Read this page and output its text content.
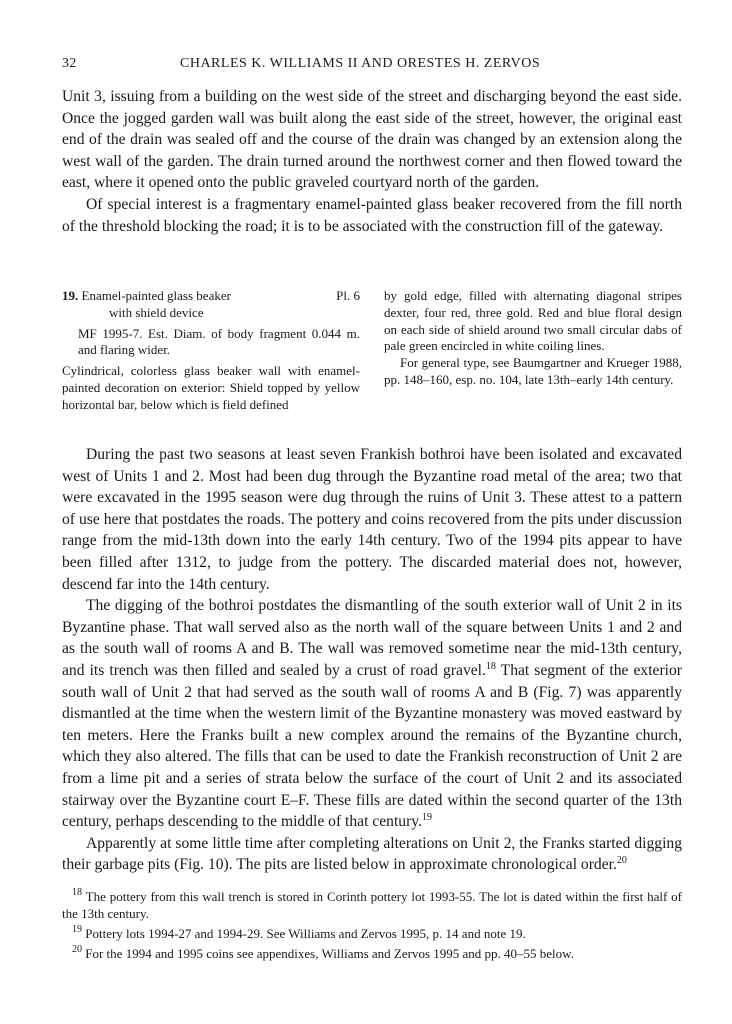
32	CHARLES K. WILLIAMS II AND ORESTES H. ZERVOS

Unit 3, issuing from a building on the west side of the street and discharging beyond the east side. Once the jogged garden wall was built along the east side of the street, however, the original east end of the drain was sealed off and the course of the drain was changed by an extension along the west wall of the garden. The drain turned around the northwest corner and then flowed toward the east, where it opened onto the public graveled courtyard north of the garden.

Of special interest is a fragmentary enamel-painted glass beaker recovered from the fill north of the threshold blocking the road; it is to be associated with the construction fill of the gateway.

19. Enamel-painted glass beaker	Pl. 6
with shield device
MF 1995-7. Est. Diam. of body fragment 0.044 m. and flaring wider.
Cylindrical, colorless glass beaker wall with enamel-painted decoration on exterior: Shield topped by yellow horizontal bar, below which is field defined

by gold edge, filled with alternating diagonal stripes dexter, four red, three gold. Red and blue floral design on each side of shield around two small circular dabs of pale green encircled in white coiling lines.

For general type, see Baumgartner and Krueger 1988, pp. 148–160, esp. no. 104, late 13th–early 14th century.

During the past two seasons at least seven Frankish bothroi have been isolated and excavated west of Units 1 and 2. Most had been dug through the Byzantine road metal of the area; two that were excavated in the 1995 season were dug through the ruins of Unit 3. These attest to a pattern of use here that postdates the roads. The pottery and coins recovered from the pits under discussion range from the mid-13th down into the early 14th century. Two of the 1994 pits appear to have been filled after 1312, to judge from the pottery. The discarded material does not, however, descend far into the 14th century.

The digging of the bothroi postdates the dismantling of the south exterior wall of Unit 2 in its Byzantine phase. That wall served also as the north wall of the square between Units 1 and 2 and as the south wall of rooms A and B. The wall was removed sometime near the mid-13th century, and its trench was then filled and sealed by a crust of road gravel.$^{18}$ That segment of the exterior south wall of Unit 2 that had served as the south wall of rooms A and B (Fig. 7) was apparently dismantled at the time when the western limit of the Byzantine monastery was moved eastward by ten meters. Here the Franks built a new complex around the remains of the Byzantine church, which they also altered. The fills that can be used to date the Frankish reconstruction of Unit 2 are from a lime pit and a series of strata below the surface of the court of Unit 2 and its associated stairway over the Byzantine court E–F. These fills are dated within the second quarter of the 13th century, perhaps descending to the middle of that century.$^{19}$

Apparently at some little time after completing alterations on Unit 2, the Franks started digging their garbage pits (Fig. 10). The pits are listed below in approximate chronological order.$^{20}$

$^{18}$ The pottery from this wall trench is stored in Corinth pottery lot 1993-55. The lot is dated within the first half of the 13th century.

$^{19}$ Pottery lots 1994-27 and 1994-29. See Williams and Zervos 1995, p. 14 and note 19.

$^{20}$ For the 1994 and 1995 coins see appendixes, Williams and Zervos 1995 and pp. 40–55 below.
